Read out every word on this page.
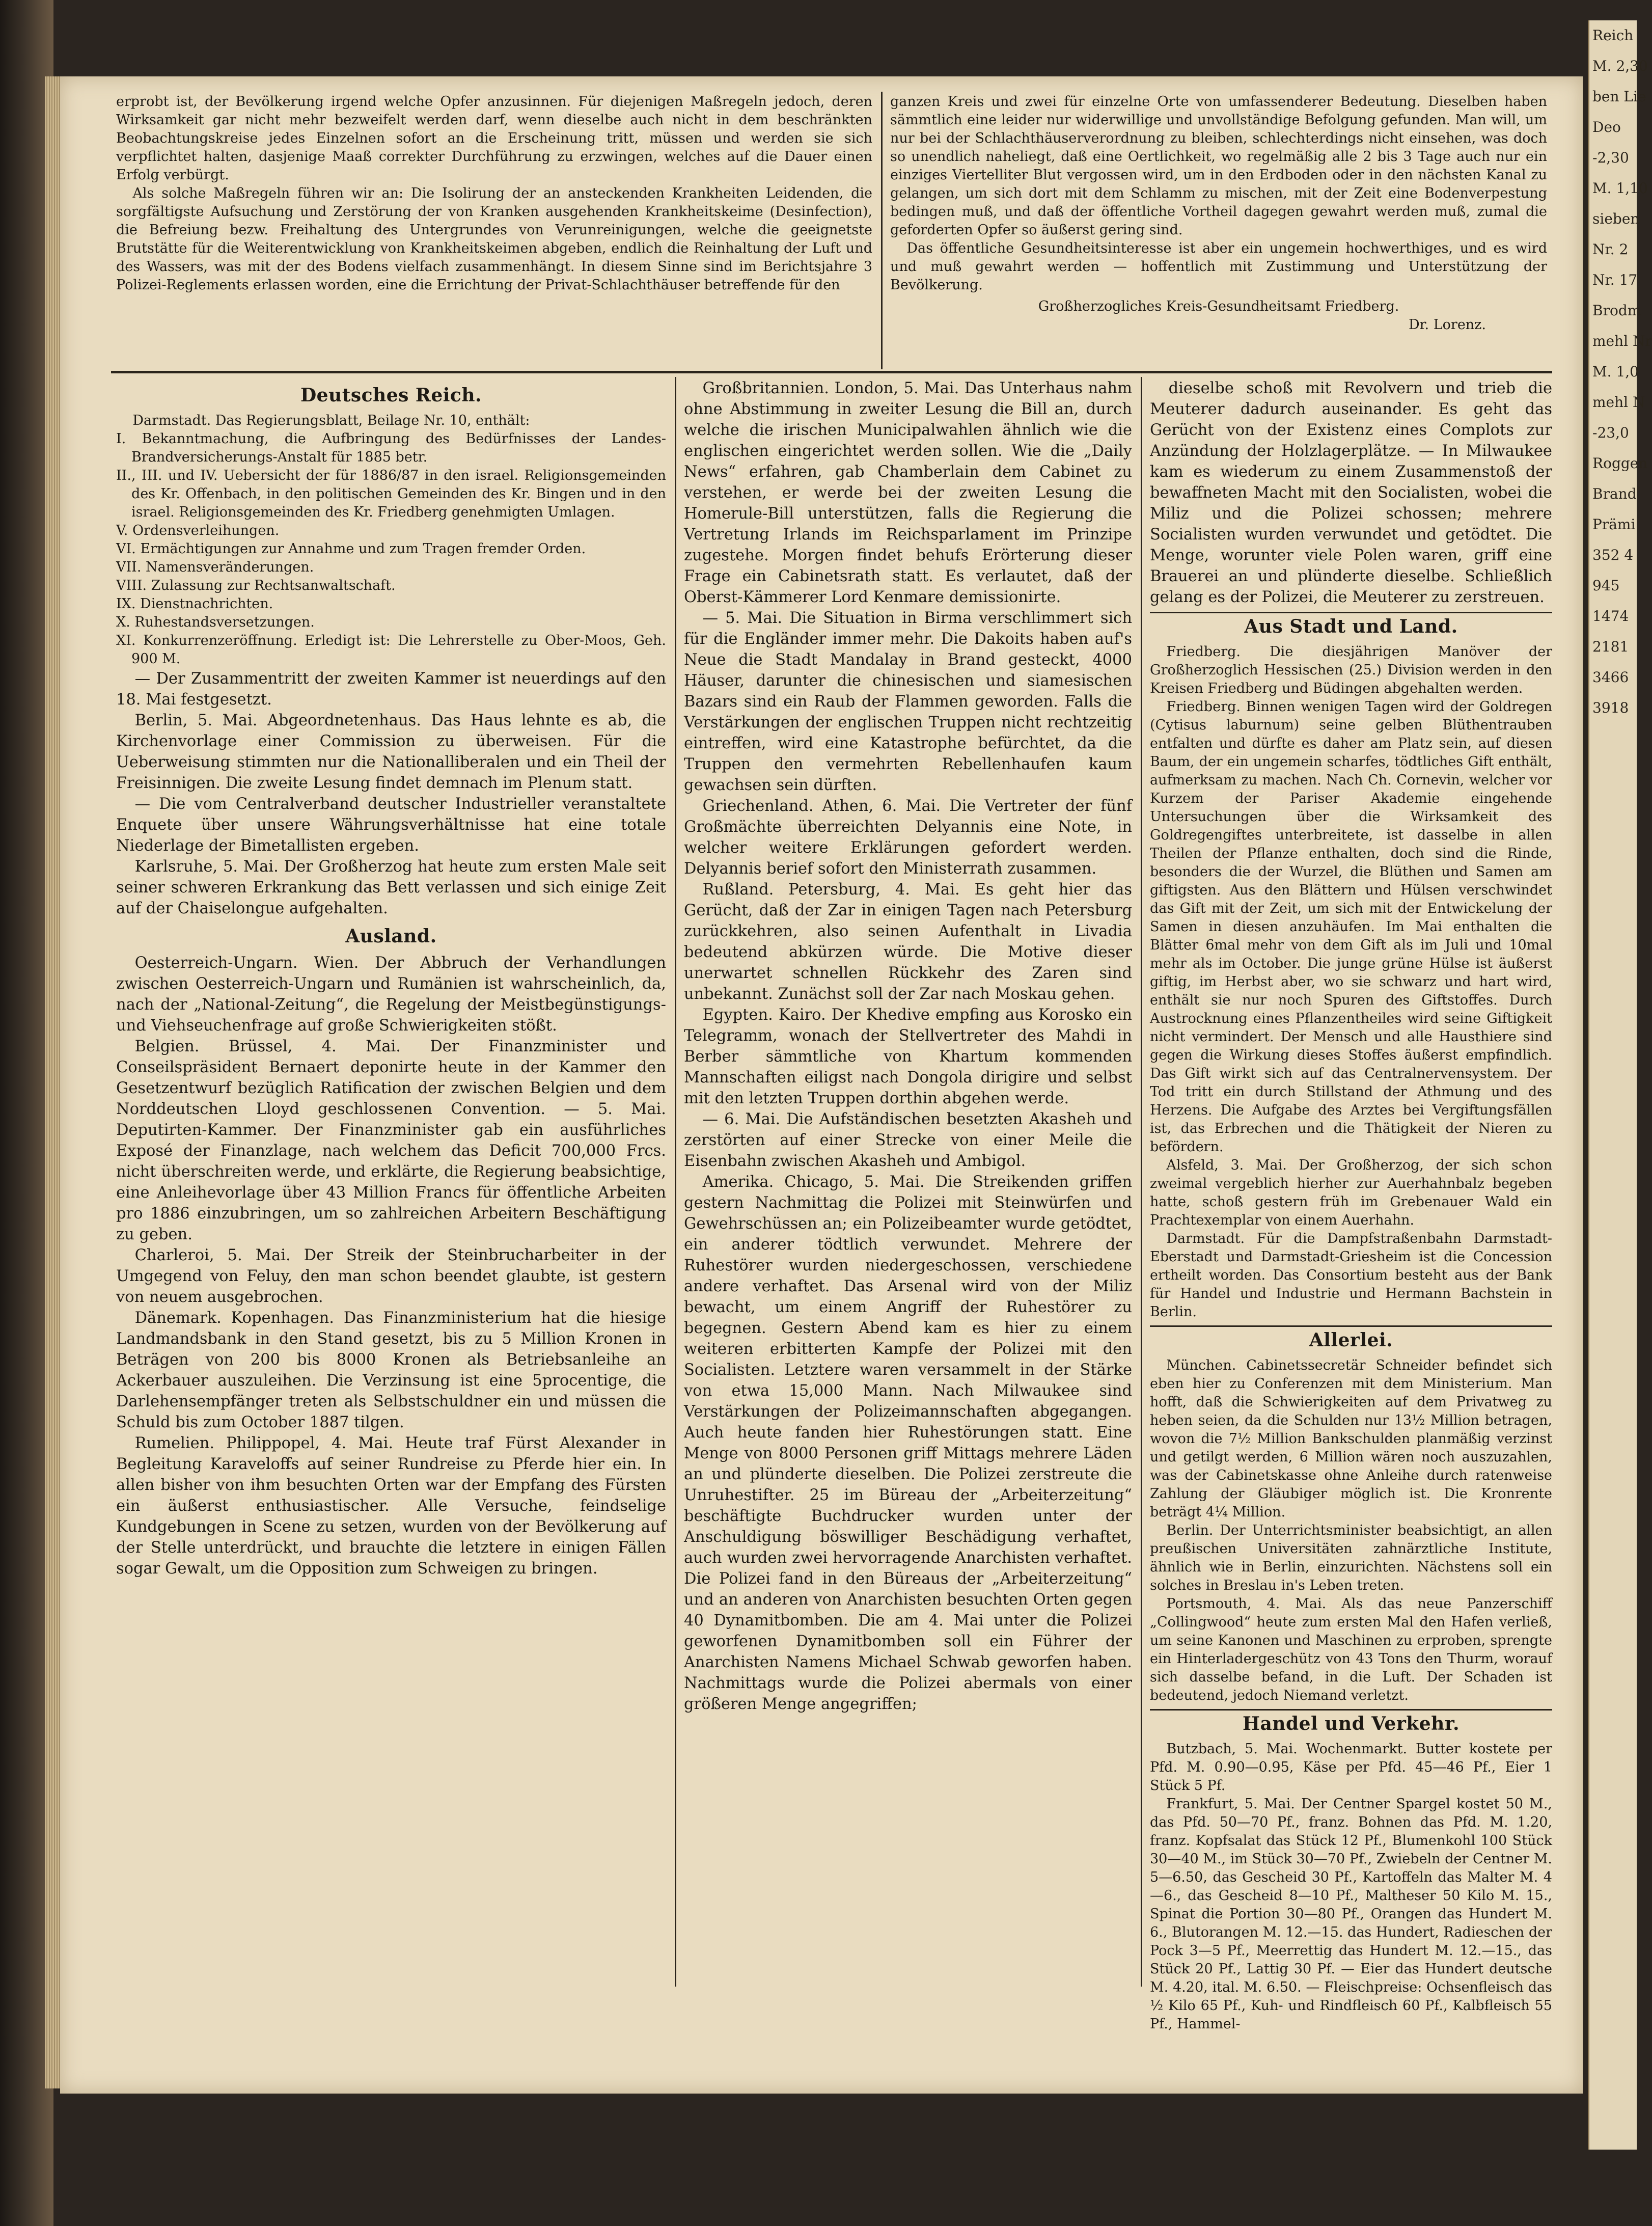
erprobt ist, der Bevölkerung irgend welche Opfer anzusinnen. Für diejenigen Maßregeln jedoch, deren Wirksamkeit gar nicht mehr bezweifelt werden darf, wenn dieselbe auch nicht in dem beschränkten Beobachtungskreise jedes Einzelnen sofort an die Erscheinung tritt, müssen und werden sie sich verpflichtet halten, dasjenige Maaß correkter Durchführung zu erzwingen, welches auf die Dauer einen Erfolg verbürgt.

Als solche Maßregeln führen wir an: Die Isolirung der an ansteckenden Krankheiten Leidenden, die sorgfältigste Aufsuchung und Zerstörung der von Kranken ausgehenden Krankheitskeime (Desinfection), die Befreiung bezw. Freihaltung des Untergrundes von Verunreinigungen, welche die geeignetste Brutstätte für die Weiterentwicklung von Krankheitskeimen abgeben, endlich die Reinhaltung der Luft und des Wassers, was mit der des Bodens vielfach zusammenhängt. In diesem Sinne sind im Berichtsjahre 3 Polizei-Reglements erlassen worden, eine die Errichtung der Privat-Schlachthäuser betreffende für den

ganzen Kreis und zwei für einzelne Orte von umfassenderer Bedeutung. Dieselben haben sämmtlich eine leider nur widerwillige und unvollständige Befolgung gefunden. Man will, um nur bei der Schlachthäuserverordnung zu bleiben, schlechterdings nicht einsehen, was doch so unendlich naheliegt, daß eine Oertlichkeit, wo regelmäßig alle 2 bis 3 Tage auch nur ein einziges Viertelliter Blut vergossen wird, um in den Erdboden oder in den nächsten Kanal zu gelangen, um sich dort mit dem Schlamm zu mischen, mit der Zeit eine Bodenverpestung bedingen muß, und daß der öffentliche Vortheil dagegen gewahrt werden muß, zumal die geforderten Opfer so äußerst gering sind.

Das öffentliche Gesundheitsinteresse ist aber ein ungemein hochwerthiges, und es wird und muß gewahrt werden — hoffentlich mit Zustimmung und Unterstützung der Bevölkerung.

Großherzogliches Kreis-Gesundheitsamt Friedberg.
Dr. Lorenz.
Deutsches Reich.

Darmstadt. Das Regierungsblatt, Beilage Nr. 10, enthält:

I. Bekanntmachung, die Aufbringung des Bedürfnisses der Landes-Brandversicherungs-Anstalt für 1885 betr.
II., III. und IV. Uebersicht der für 1886/87 in den israel. Religionsgemeinden des Kr. Offenbach, in den politischen Gemeinden des Kr. Bingen und in den israel. Religionsgemeinden des Kr. Friedberg genehmigten Umlagen.
V. Ordensverleihungen.
VI. Ermächtigungen zur Annahme und zum Tragen fremder Orden.
VII. Namensveränderungen.
VIII. Zulassung zur Rechtsanwaltschaft.
IX. Dienstnachrichten.
X. Ruhestandsversetzungen.
XI. Konkurrenzeröffnung. Erledigt ist: Die Lehrerstelle zu Ober-Moos, Geh. 900 M.

— Der Zusammentritt der zweiten Kammer ist neuerdings auf den 18. Mai festgesetzt.

Berlin, 5. Mai. Abgeordnetenhaus. Das Haus lehnte es ab, die Kirchenvorlage einer Commission zu überweisen. Für die Ueberweisung stimmten nur die Nationalliberalen und ein Theil der Freisinnigen. Die zweite Lesung findet demnach im Plenum statt.

— Die vom Centralverband deutscher Industrieller veranstaltete Enquete über unsere Währungsverhältnisse hat eine totale Niederlage der Bimetallisten ergeben.

Karlsruhe, 5. Mai. Der Großherzog hat heute zum ersten Male seit seiner schweren Erkrankung das Bett verlassen und sich einige Zeit auf der Chaiselongue aufgehalten.

Ausland.

Oesterreich-Ungarn. Wien. Der Abbruch der Verhandlungen zwischen Oesterreich-Ungarn und Rumänien ist wahrscheinlich, da, nach der „National-Zeitung“, die Regelung der Meistbegünstigungs- und Viehseuchenfrage auf große Schwierigkeiten stößt.

Belgien. Brüssel, 4. Mai. Der Finanzminister und Conseilspräsident Bernaert deponirte heute in der Kammer den Gesetzentwurf bezüglich Ratification der zwischen Belgien und dem Norddeutschen Lloyd geschlossenen Convention. — 5. Mai. Deputirten-Kammer. Der Finanzminister gab ein ausführliches Exposé der Finanzlage, nach welchem das Deficit 700,000 Frcs. nicht überschreiten werde, und erklärte, die Regierung beabsichtige, eine Anleihevorlage über 43 Million Francs für öffentliche Arbeiten pro 1886 einzubringen, um so zahlreichen Arbeitern Beschäftigung zu geben.

Charleroi, 5. Mai. Der Streik der Steinbrucharbeiter in der Umgegend von Feluy, den man schon beendet glaubte, ist gestern von neuem ausgebrochen.

Dänemark. Kopenhagen. Das Finanzministerium hat die hiesige Landmandsbank in den Stand gesetzt, bis zu 5 Million Kronen in Beträgen von 200 bis 8000 Kronen als Betriebsanleihe an Ackerbauer auszuleihen. Die Verzinsung ist eine 5procentige, die Darlehensempfänger treten als Selbstschuldner ein und müssen die Schuld bis zum October 1887 tilgen.

Rumelien. Philippopel, 4. Mai. Heute traf Fürst Alexander in Begleitung Karaveloffs auf seiner Rundreise zu Pferde hier ein. In allen bisher von ihm besuchten Orten war der Empfang des Fürsten ein äußerst enthusiastischer. Alle Versuche, feindselige Kundgebungen in Scene zu setzen, wurden von der Bevölkerung auf der Stelle unterdrückt, und brauchte die letztere in einigen Fällen sogar Gewalt, um die Opposition zum Schweigen zu bringen.

Großbritannien. London, 5. Mai. Das Unterhaus nahm ohne Abstimmung in zweiter Lesung die Bill an, durch welche die irischen Municipalwahlen ähnlich wie die englischen eingerichtet werden sollen. Wie die „Daily News“ erfahren, gab Chamberlain dem Cabinet zu verstehen, er werde bei der zweiten Lesung die Homerule-Bill unterstützen, falls die Regierung die Vertretung Irlands im Reichsparlament im Prinzipe zugestehe. Morgen findet behufs Erörterung dieser Frage ein Cabinetsrath statt. Es verlautet, daß der Oberst-Kämmerer Lord Kenmare demissionirte.

— 5. Mai. Die Situation in Birma verschlimmert sich für die Engländer immer mehr. Die Dakoits haben auf's Neue die Stadt Mandalay in Brand gesteckt, 4000 Häuser, darunter die chinesischen und siamesischen Bazars sind ein Raub der Flammen geworden. Falls die Verstärkungen der englischen Truppen nicht rechtzeitig eintreffen, wird eine Katastrophe befürchtet, da die Truppen den vermehrten Rebellenhaufen kaum gewachsen sein dürften.

Griechenland. Athen, 6. Mai. Die Vertreter der fünf Großmächte überreichten Delyannis eine Note, in welcher weitere Erklärungen gefordert werden. Delyannis berief sofort den Ministerrath zusammen.

Rußland. Petersburg, 4. Mai. Es geht hier das Gerücht, daß der Zar in einigen Tagen nach Petersburg zurückkehren, also seinen Aufenthalt in Livadia bedeutend abkürzen würde. Die Motive dieser unerwartet schnellen Rückkehr des Zaren sind unbekannt. Zunächst soll der Zar nach Moskau gehen.

Egypten. Kairo. Der Khedive empfing aus Korosko ein Telegramm, wonach der Stellvertreter des Mahdi in Berber sämmtliche von Khartum kommenden Mannschaften eiligst nach Dongola dirigire und selbst mit den letzten Truppen dorthin abgehen werde.

— 6. Mai. Die Aufständischen besetzten Akasheh und zerstörten auf einer Strecke von einer Meile die Eisenbahn zwischen Akasheh und Ambigol.

Amerika. Chicago, 5. Mai. Die Streikenden griffen gestern Nachmittag die Polizei mit Steinwürfen und Gewehrschüssen an; ein Polizeibeamter wurde getödtet, ein anderer tödtlich verwundet. Mehrere der Ruhestörer wurden niedergeschossen, verschiedene andere verhaftet. Das Arsenal wird von der Miliz bewacht, um einem Angriff der Ruhestörer zu begegnen. Gestern Abend kam es hier zu einem weiteren erbitterten Kampfe der Polizei mit den Socialisten. Letztere waren versammelt in der Stärke von etwa 15,000 Mann. Nach Milwaukee sind Verstärkungen der Polizeimannschaften abgegangen. Auch heute fanden hier Ruhestörungen statt. Eine Menge von 8000 Personen griff Mittags mehrere Läden an und plünderte dieselben. Die Polizei zerstreute die Unruhestifter. 25 im Büreau der „Arbeiterzeitung“ beschäftigte Buchdrucker wurden unter der Anschuldigung böswilliger Beschädigung verhaftet, auch wurden zwei hervorragende Anarchisten verhaftet. Die Polizei fand in den Büreaus der „Arbeiterzeitung“ und an anderen von Anarchisten besuchten Orten gegen 40 Dynamitbomben. Die am 4. Mai unter die Polizei geworfenen Dynamitbomben soll ein Führer der Anarchisten Namens Michael Schwab geworfen haben. Nachmittags wurde die Polizei abermals von einer größeren Menge angegriffen;

dieselbe schoß mit Revolvern und trieb die Meuterer dadurch auseinander. Es geht das Gerücht von der Existenz eines Complots zur Anzündung der Holzlagerplätze. — In Milwaukee kam es wiederum zu einem Zusammenstoß der bewaffneten Macht mit den Socialisten, wobei die Miliz und die Polizei schossen; mehrere Socialisten wurden verwundet und getödtet. Die Menge, worunter viele Polen waren, griff eine Brauerei an und plünderte dieselbe. Schließlich gelang es der Polizei, die Meuterer zu zerstreuen.

Aus Stadt und Land.

Friedberg. Die diesjährigen Manöver der Großherzoglich Hessischen (25.) Division werden in den Kreisen Friedberg und Büdingen abgehalten werden.

Friedberg. Binnen wenigen Tagen wird der Goldregen (Cytisus laburnum) seine gelben Blüthentrauben entfalten und dürfte es daher am Platz sein, auf diesen Baum, der ein ungemein scharfes, tödtliches Gift enthält, aufmerksam zu machen. Nach Ch. Cornevin, welcher vor Kurzem der Pariser Akademie eingehende Untersuchungen über die Wirksamkeit des Goldregengiftes unterbreitete, ist dasselbe in allen Theilen der Pflanze enthalten, doch sind die Rinde, besonders die der Wurzel, die Blüthen und Samen am giftigsten. Aus den Blättern und Hülsen verschwindet das Gift mit der Zeit, um sich mit der Entwickelung der Samen in diesen anzuhäufen. Im Mai enthalten die Blätter 6mal mehr von dem Gift als im Juli und 10mal mehr als im October. Die junge grüne Hülse ist äußerst giftig, im Herbst aber, wo sie schwarz und hart wird, enthält sie nur noch Spuren des Giftstoffes. Durch Austrocknung eines Pflanzentheiles wird seine Giftigkeit nicht vermindert. Der Mensch und alle Hausthiere sind gegen die Wirkung dieses Stoffes äußerst empfindlich. Das Gift wirkt sich auf das Centralnervensystem. Der Tod tritt ein durch Stillstand der Athmung und des Herzens. Die Aufgabe des Arztes bei Vergiftungsfällen ist, das Erbrechen und die Thätigkeit der Nieren zu befördern.

Alsfeld, 3. Mai. Der Großherzog, der sich schon zweimal vergeblich hierher zur Auerhahnbalz begeben hatte, schoß gestern früh im Grebenauer Wald ein Prachtexemplar von einem Auerhahn.

Darmstadt. Für die Dampfstraßenbahn Darmstadt-Eberstadt und Darmstadt-Griesheim ist die Concession ertheilt worden. Das Consortium besteht aus der Bank für Handel und Industrie und Hermann Bachstein in Berlin.

Allerlei.

München. Cabinetssecretär Schneider befindet sich eben hier zu Conferenzen mit dem Ministerium. Man hofft, daß die Schwierigkeiten auf dem Privatweg zu heben seien, da die Schulden nur 13½ Million betragen, wovon die 7½ Million Bankschulden planmäßig verzinst und getilgt werden, 6 Million wären noch auszuzahlen, was der Cabinetskasse ohne Anleihe durch ratenweise Zahlung der Gläubiger möglich ist. Die Kronrente beträgt 4¼ Million.

Berlin. Der Unterrichtsminister beabsichtigt, an allen preußischen Universitäten zahnärztliche Institute, ähnlich wie in Berlin, einzurichten. Nächstens soll ein solches in Breslau in's Leben treten.

Portsmouth, 4. Mai. Als das neue Panzerschiff „Collingwood“ heute zum ersten Mal den Hafen verließ, um seine Kanonen und Maschinen zu erproben, sprengte ein Hinterladergeschütz von 43 Tons den Thurm, worauf sich dasselbe befand, in die Luft. Der Schaden ist bedeutend, jedoch Niemand verletzt.

Handel und Verkehr.

Butzbach, 5. Mai. Wochenmarkt. Butter kostete per Pfd. M. 0.90—0.95, Käse per Pfd. 45—46 Pf., Eier 1 Stück 5 Pf.

Frankfurt, 5. Mai. Der Centner Spargel kostet 50 M., das Pfd. 50—70 Pf., franz. Bohnen das Pfd. M. 1.20, franz. Kopfsalat das Stück 12 Pf., Blumenkohl 100 Stück 30—40 M., im Stück 30—70 Pf., Zwiebeln der Centner M. 5—6.50, das Gescheid 30 Pf., Kartoffeln das Malter M. 4—6., das Gescheid 8—10 Pf., Maltheser 50 Kilo M. 15., Spinat die Portion 30—80 Pf., Orangen das Hundert M. 6., Blutorangen M. 12.—15. das Hundert, Radieschen der Pock 3—5 Pf., Meerrettig das Hundert M. 12.—15., das Stück 20 Pf., Lattig 30 Pf. — Eier das Hundert deutsche M. 4.20, ital. M. 6.50. — Fleischpreise: Ochsenfleisch das ½ Kilo 65 Pf., Kuh- und Rindfleisch 60 Pf., Kalbfleisch 55 Pf., Hammel-

Reich
M. 2,30
ben Lie
Deo
-2,30
M. 1,10
sieben
Nr. 2
Nr. 17
Brodm
mehl Nr
M. 1,0
mehl N
-23,0
Roggen
Brand
Prämi
352 4
945
1474
2181
3466
3918
